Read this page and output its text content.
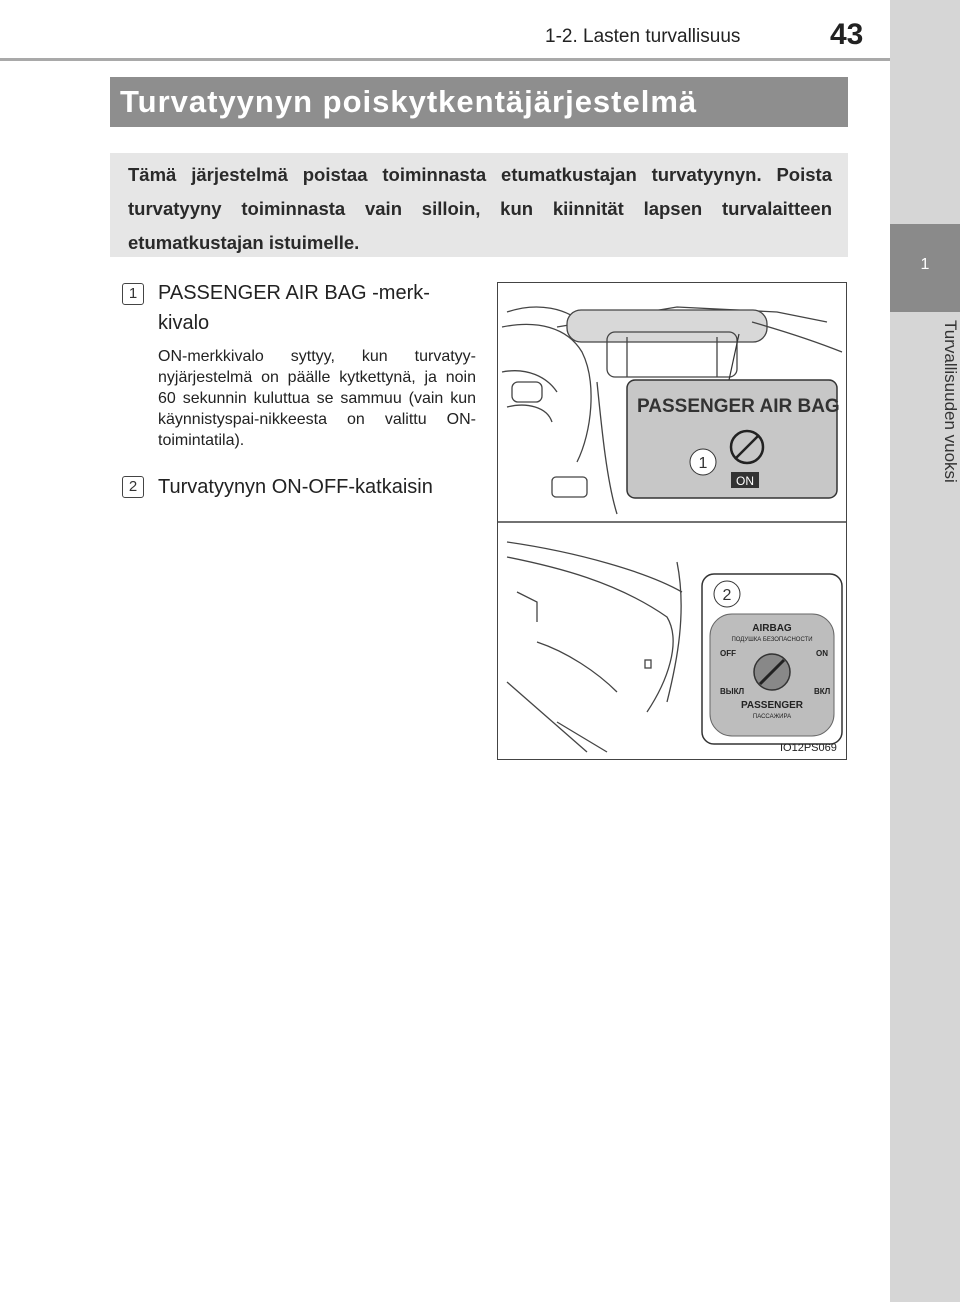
1-2. Lasten turvallisuus	43
1
Turvallisuuden vuoksi
Turvatyynyn poiskytkentäjärjestelmä
Tämä järjestelmä poistaa toiminnasta etumatkustajan turvatyynyn. Poista turvatyyny toiminnasta vain silloin, kun kiinnität lapsen turvalaitteen etumatkustajan istuimelle.
1	PASSENGER AIR BAG -merk-
kivalo
ON-merkkivalo syttyy, kun turvatyy-nyjärjestelmä on päälle kytkettynä, ja noin 60 sekunnin kuluttua se sammuu (vain kun käynnistyspai-nikkeesta on valittu ON-toimintatila).
2	Turvatyynyn ON-OFF-katkaisin
PASSENGER AIR BAG
1
ON
2
AIRBAG
ПОДУШКА БЕЗОПАСНОСТИ
OFF	ON
ВЫКЛ	ВКЛ
PASSENGER
ПАССАЖИРА
IO12PS069
